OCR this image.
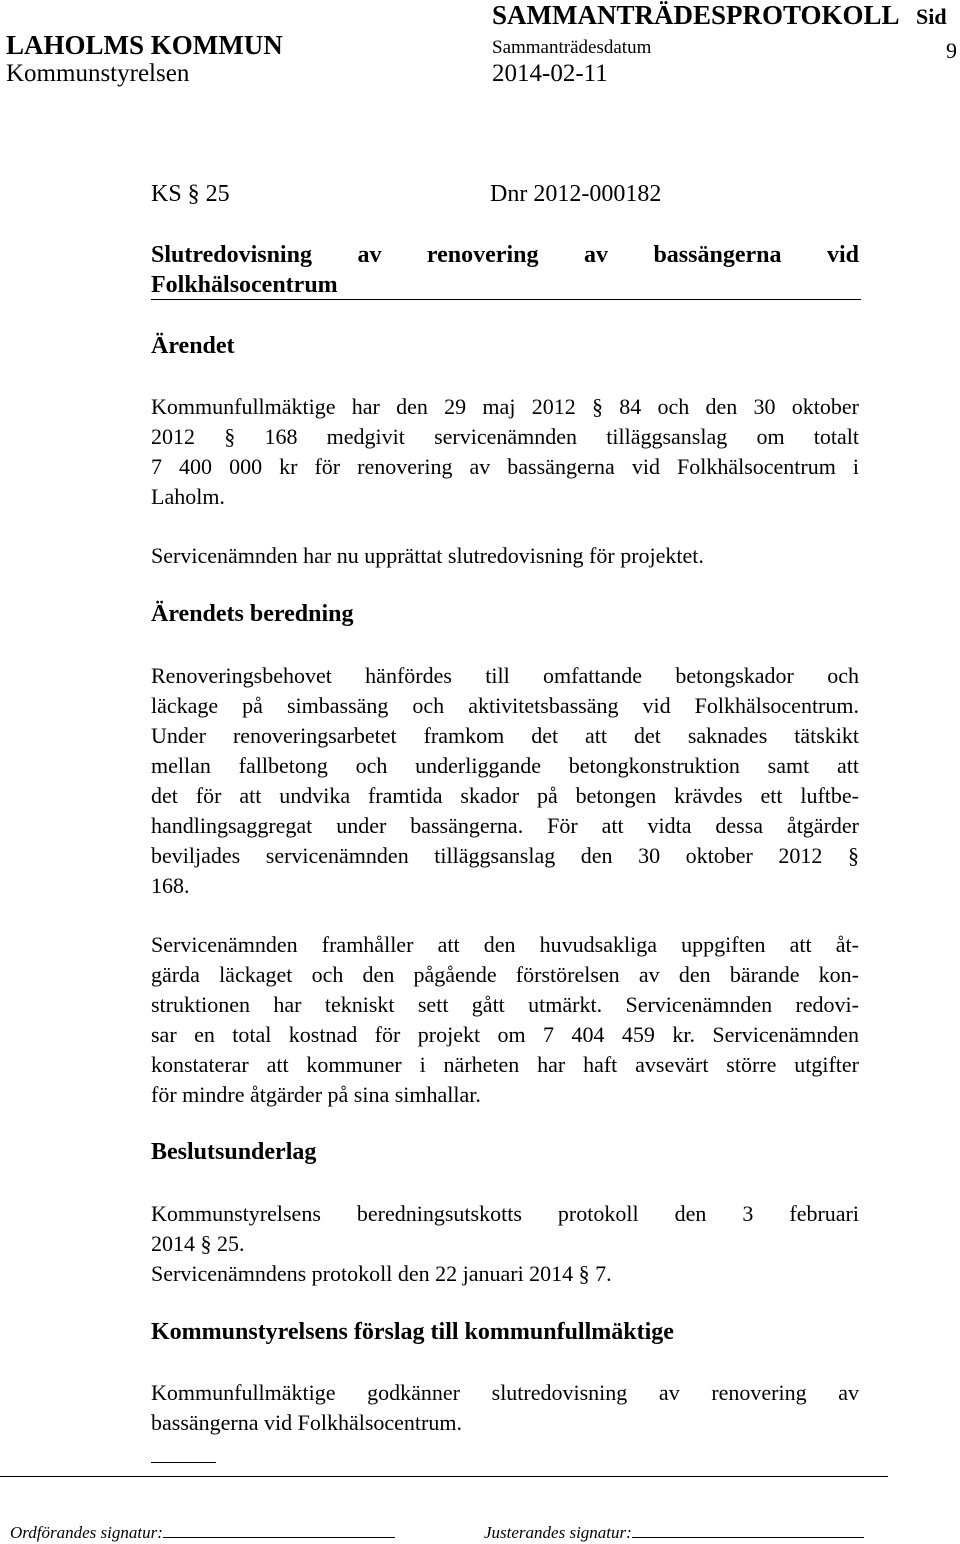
SAMMANTRÄDESPROTOKOLL Sid
LAHOLMS KOMMUN	Sammanträdesdatum	9
Kommunstyrelsen	2014-02-11
KS § 25	Dnr 2012-000182
Slutredovisning av renovering av bassängerna vid
Folkhälsocentrum
Ärendet
Kommunfullmäktige har den 29 maj 2012 § 84 och den 30 oktober
2012 § 168 medgivit servicenämnden tilläggsanslag om totalt
7 400 000 kr för renovering av bassängerna vid Folkhälsocentrum i
Laholm.
Servicenämnden har nu upprättat slutredovisning för projektet.
Ärendets beredning
Renoveringsbehovet hänfördes till omfattande betongskador och
läckage på simbassäng och aktivitetsbassäng vid Folkhälsocentrum.
Under renoveringsarbetet framkom det att det saknades tätskikt
mellan fallbetong och underliggande betongkonstruktion samt att
det för att undvika framtida skador på betongen krävdes ett luftbe-
handlingsaggregat under bassängerna. För att vidta dessa åtgärder
beviljades servicenämnden tilläggsanslag den 30 oktober 2012 §
168.
Servicenämnden framhåller att den huvudsakliga uppgiften att åt-
gärda läckaget och den pågående förstörelsen av den bärande kon-
struktionen har tekniskt sett gått utmärkt. Servicenämnden redovi-
sar en total kostnad för projekt om 7 404 459 kr. Servicenämnden
konstaterar att kommuner i närheten har haft avsevärt större utgifter
för mindre åtgärder på sina simhallar.
Beslutsunderlag
Kommunstyrelsens beredningsutskotts protokoll den 3 februari
2014 § 25.
Servicenämndens protokoll den 22 januari 2014 § 7.
Kommunstyrelsens förslag till kommunfullmäktige
Kommunfullmäktige godkänner slutredovisning av renovering av
bassängerna vid Folkhälsocentrum.
Ordförandes signatur:	Justerandes signatur:
